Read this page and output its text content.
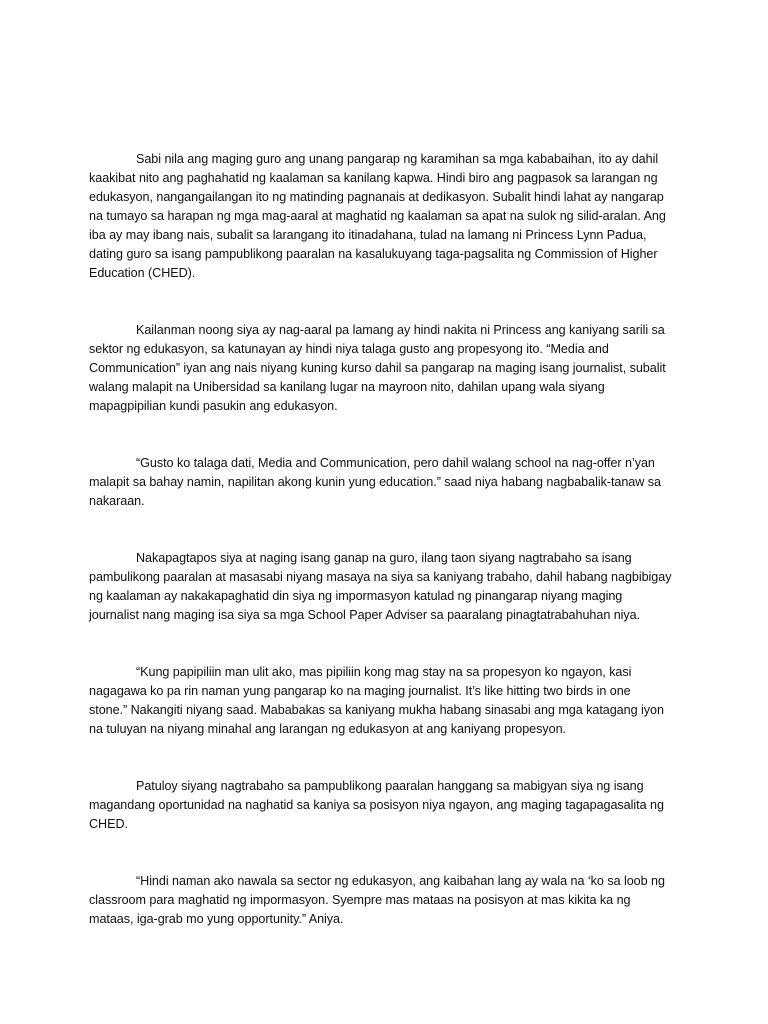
Sabi nila ang maging guro ang unang pangarap ng karamihan sa mga kababaihan, ito ay dahil
kaakibat nito ang paghahatid ng kaalaman sa kanilang kapwa. Hindi biro ang pagpasok sa larangan ng
edukasyon, nangangailangan ito ng matinding pagnanais at dedikasyon. Subalit hindi lahat ay nangarap
na tumayo sa harapan ng mga mag-aaral at maghatid ng kaalaman sa apat na sulok ng silid-aralan. Ang
iba ay may ibang nais, subalit sa larangang ito itinadahana, tulad na lamang ni Princess Lynn Padua,
dating guro sa isang pampublikong paaralan na kasalukuyang taga-pagsalita ng Commission of Higher
Education (CHED).

Kailanman noong siya ay nag-aaral pa lamang ay hindi nakita ni Princess ang kaniyang sarili sa
sektor ng edukasyon, sa katunayan ay hindi niya talaga gusto ang propesyong ito. “Media and
Communication” iyan ang nais niyang kuning kurso dahil sa pangarap na maging isang journalist, subalit
walang malapit na Unibersidad sa kanilang lugar na mayroon nito, dahilan upang wala siyang
mapagpipilian kundi pasukin ang edukasyon.

“Gusto ko talaga dati, Media and Communication, pero dahil walang school na nag-offer n’yan
malapit sa bahay namin, napilitan akong kunin yung education.” saad niya habang nagbabalik-tanaw sa
nakaraan.

Nakapagtapos siya at naging isang ganap na guro, ilang taon siyang nagtrabaho sa isang
pambulikong paaralan at masasabi niyang masaya na siya sa kaniyang trabaho, dahil habang nagbibigay
ng kaalaman ay nakakapaghatid din siya ng impormasyon katulad ng pinangarap niyang maging
journalist nang maging isa siya sa mga School Paper Adviser sa paaralang pinagtatrabahuhan niya.

“Kung papipiliin man ulit ako, mas pipiliin kong mag stay na sa propesyon ko ngayon, kasi
nagagawa ko pa rin naman yung pangarap ko na maging journalist. It’s like hitting two birds in one
stone.” Nakangiti niyang saad. Mababakas sa kaniyang mukha habang sinasabi ang mga katagang iyon
na tuluyan na niyang minahal ang larangan ng edukasyon at ang kaniyang propesyon.

Patuloy siyang nagtrabaho sa pampublikong paaralan hanggang sa mabigyan siya ng isang
magandang oportunidad na naghatid sa kaniya sa posisyon niya ngayon, ang maging tagapagasalita ng
CHED.

“Hindi naman ako nawala sa sector ng edukasyon, ang kaibahan lang ay wala na ‘ko sa loob ng
classroom para maghatid ng impormasyon. Syempre mas mataas na posisyon at mas kikita ka ng
mataas, iga-grab mo yung opportunity.” Aniya.
